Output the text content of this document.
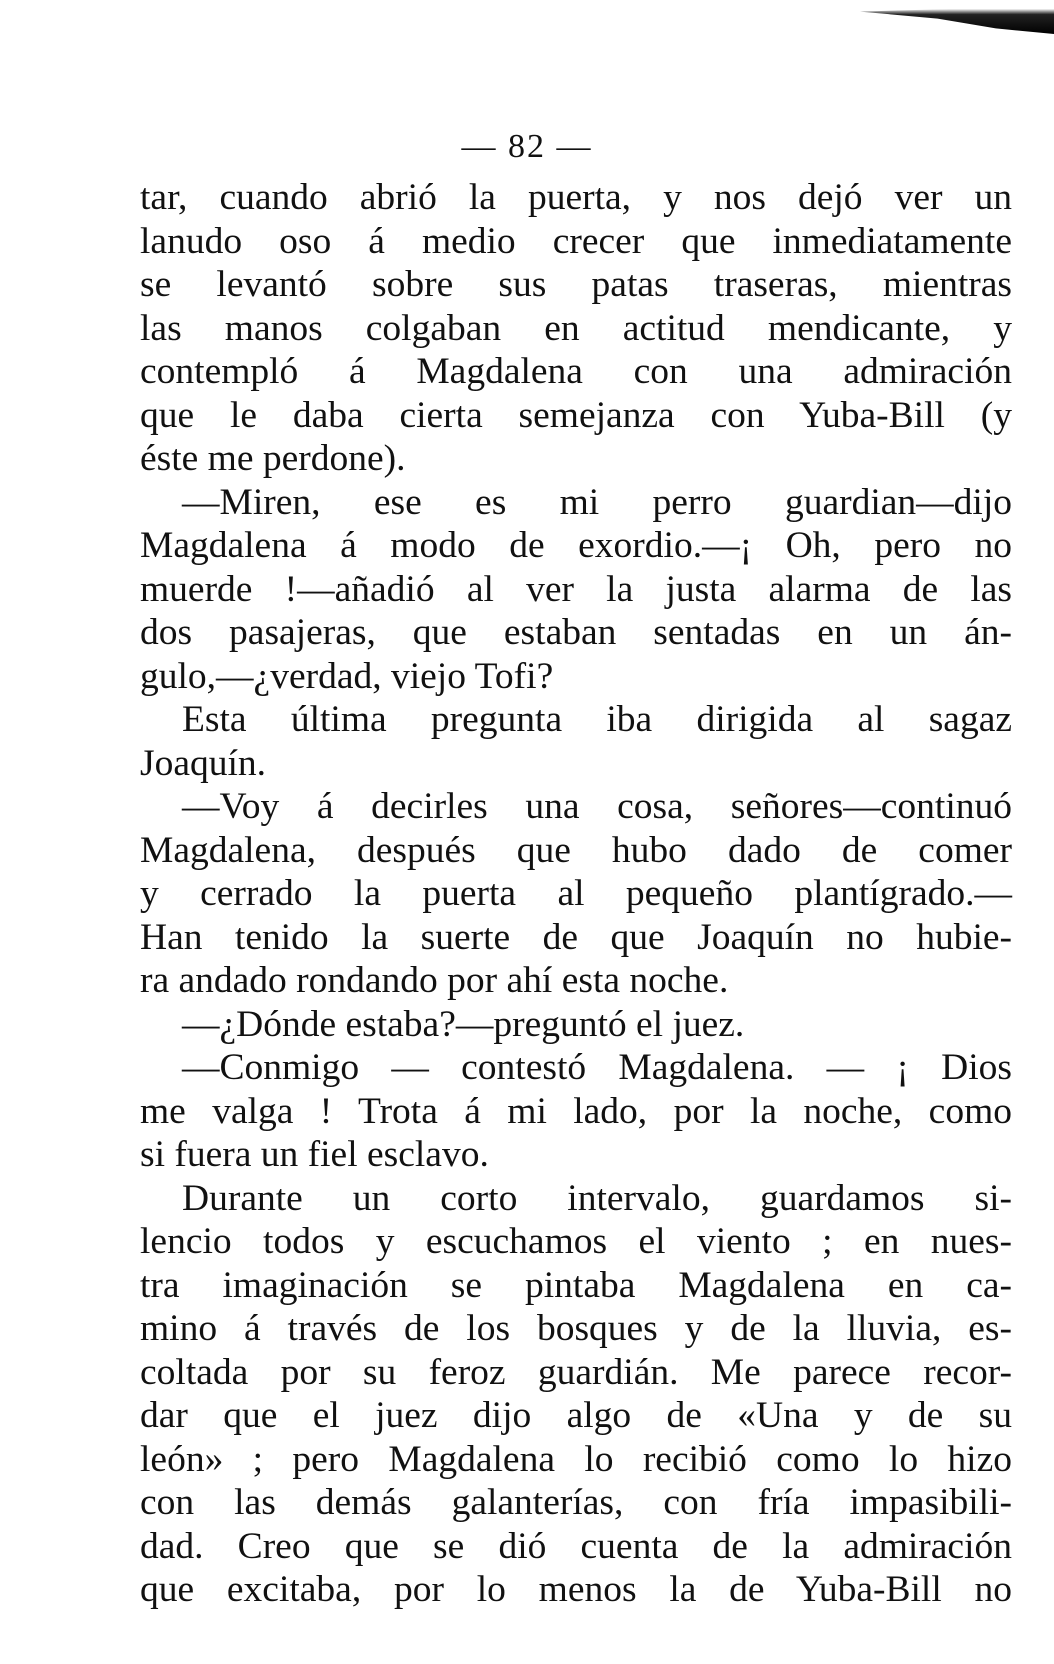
— 82 —
tar, cuando abrió la puerta, y nos dejó ver un
lanudo oso á medio crecer que inmediatamente
se levantó sobre sus patas traseras, mientras
las manos colgaban en actitud mendicante, y
contempló á Magdalena con una admiración
que le daba cierta semejanza con Yuba-Bill (y
éste me perdone).
—Miren, ese es mi perro guardian—dijo
Magdalena á modo de exordio.—¡ Oh, pero no
muerde !—añadió al ver la justa alarma de las
dos pasajeras, que estaban sentadas en un án-
gulo,—¿verdad, viejo Tofi?
Esta última pregunta iba dirigida al sagaz
Joaquín.
—Voy á decirles una cosa, señores—continuó
Magdalena, después que hubo dado de comer
y cerrado la puerta al pequeño plantígrado.—
Han tenido la suerte de que Joaquín no hubie-
ra andado rondando por ahí esta noche.
—¿Dónde estaba?—preguntó el juez.
—Conmigo — contestó Magdalena. — ¡ Dios
me valga ! Trota á mi lado, por la noche, como
si fuera un fiel esclavo.
Durante un corto intervalo, guardamos si-
lencio todos y escuchamos el viento ; en nues-
tra imaginación se pintaba Magdalena en ca-
mino á través de los bosques y de la lluvia, es-
coltada por su feroz guardián. Me parece recor-
dar que el juez dijo algo de «Una y de su
león» ; pero Magdalena lo recibió como lo hizo
con las demás galanterías, con fría impasibili-
dad. Creo que se dió cuenta de la admiración
que excitaba, por lo menos la de Yuba-Bill no
